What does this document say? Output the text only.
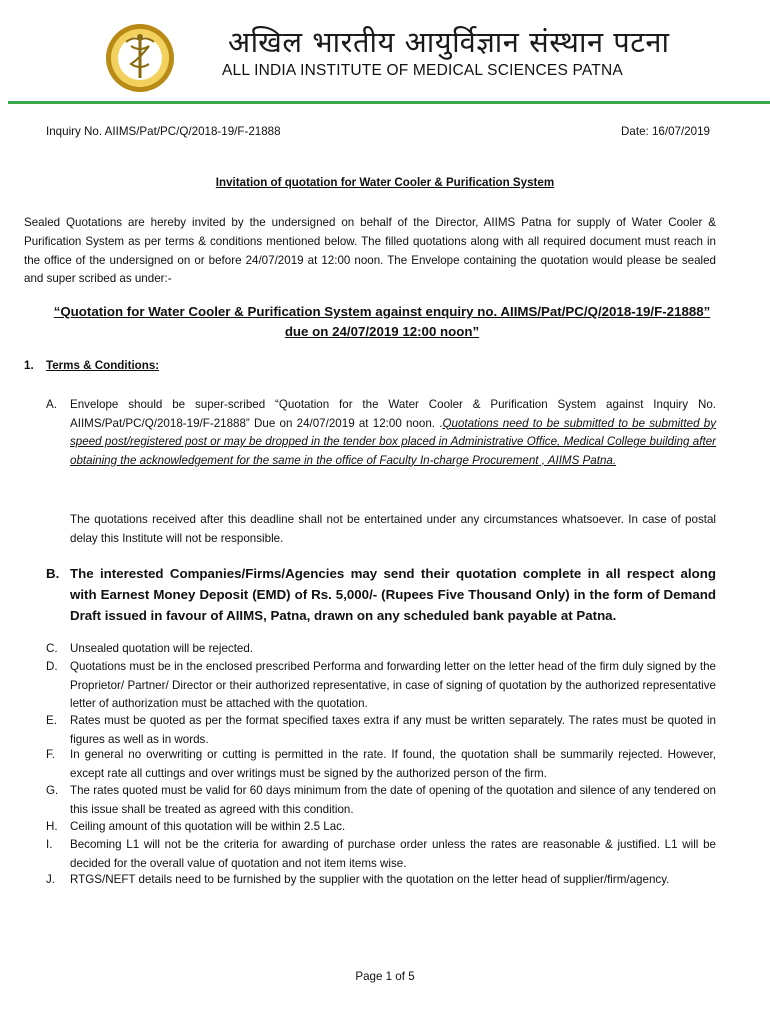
अखिल भारतीय आयुर्विज्ञान संस्थान पटना
ALL INDIA INSTITUTE OF MEDICAL SCIENCES PATNA
Inquiry No. AIIMS/Pat/PC/Q/2018-19/F-21888	Date: 16/07/2019
Invitation of quotation for Water Cooler & Purification System
Sealed Quotations are hereby invited by the undersigned on behalf of the Director, AIIMS Patna for supply of Water Cooler & Purification System as per terms & conditions mentioned below. The filled quotations along with all required document must reach in the office of the undersigned on or before 24/07/2019 at 12:00 noon. The Envelope containing the quotation would please be sealed and super scribed as under:-
“Quotation for Water Cooler & Purification System against enquiry no. AIIMS/Pat/PC/Q/2018-19/F-21888”
due on 24/07/2019 12:00 noon”
1. Terms & Conditions:
A.	Envelope should be super-scribed “Quotation for the Water Cooler & Purification System against Inquiry No. AIIMS/Pat/PC/Q/2018-19/F-21888” Due on 24/07/2019 at 12:00 noon. .Quotations need to be submitted to be submitted by speed post/registered post or may be dropped in the tender box placed in Administrative Office, Medical College building after obtaining the acknowledgement for the same in the office of Faculty In-charge Procurement , AIIMS Patna.
The quotations received after this deadline shall not be entertained under any circumstances whatsoever. In case of postal delay this Institute will not be responsible.
B. The interested Companies/Firms/Agencies may send their quotation complete in all respect along with Earnest Money Deposit (EMD) of Rs. 5,000/- (Rupees Five Thousand Only) in the form of Demand Draft issued in favour of AIIMS, Patna, drawn on any scheduled bank payable at Patna.
C.	Unsealed quotation will be rejected.
D.	Quotations must be in the enclosed prescribed Performa and forwarding letter on the letter head of the firm duly signed by the Proprietor/ Partner/ Director or their authorized representative, in case of signing of quotation by the authorized representative letter of authorization must be attached with the quotation.
E.	Rates must be quoted as per the format specified taxes extra if any must be written separately. The rates must be quoted in figures as well as in words.
F.	In general no overwriting or cutting is permitted in the rate. If found, the quotation shall be summarily rejected. However, except rate all cuttings and over writings must be signed by the authorized person of the firm.
G.	The rates quoted must be valid for 60 days minimum from the date of opening of the quotation and silence of any tendered on this issue shall be treated as agreed with this condition.
H.	Ceiling amount of this quotation will be within 2.5 Lac.
I.	Becoming L1 will not be the criteria for awarding of purchase order unless the rates are reasonable & justified. L1 will be decided for the overall value of quotation and not item items wise.
J.	RTGS/NEFT details need to be furnished by the supplier with the quotation on the letter head of supplier/firm/agency.
Page 1 of 5
